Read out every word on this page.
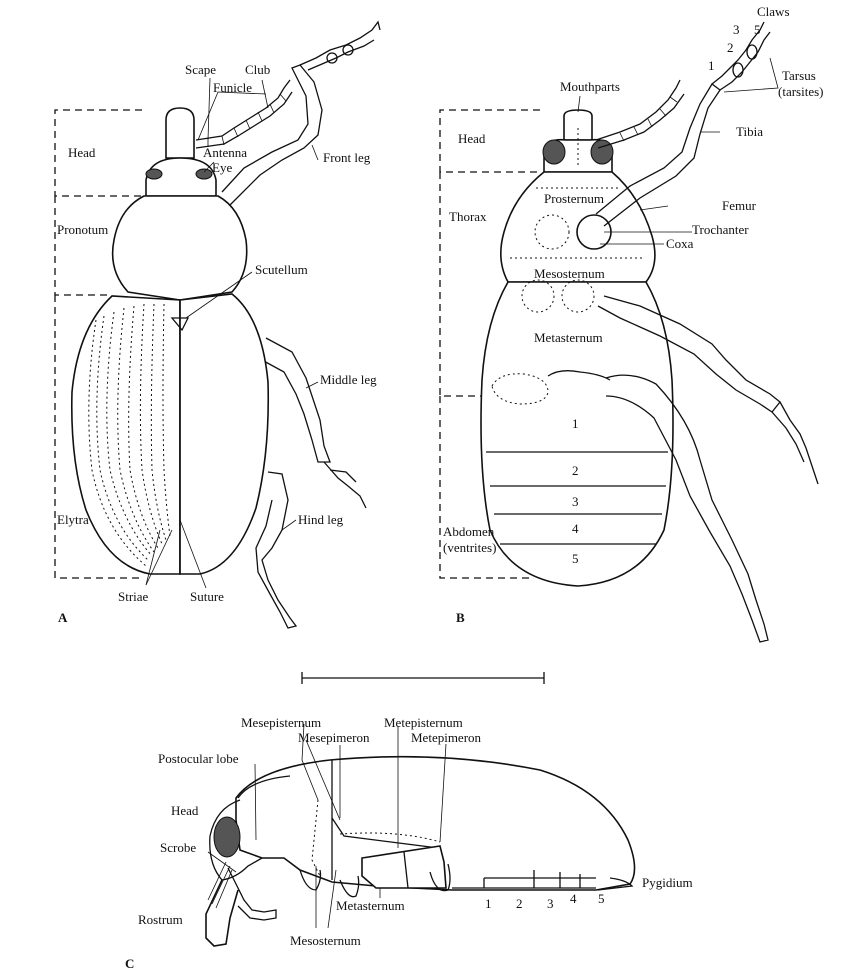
Scape Club
Funicle
Antenna
Eye
Front leg
Head
Pronotum
Scutellum
Middle leg
Hind leg
Elytra
Striae	Suture
A
Claws
3 5
2
1
Tarsus
(tarsites)
Mouthparts
Tibia
Head
Thorax
Prosternum	Femur
Trochanter
Coxa
Mesosternum
Metasternum
1
2
3
4
5
Abdomen
(ventrites)
B
Mesepisternum	Metepisternum
Mesepimeron	Metepimeron
Postocular lobe
Head
Scrobe
Rostrum
Metasternum
Mesosternum
Pygidium
1 2 3 4 5
C
